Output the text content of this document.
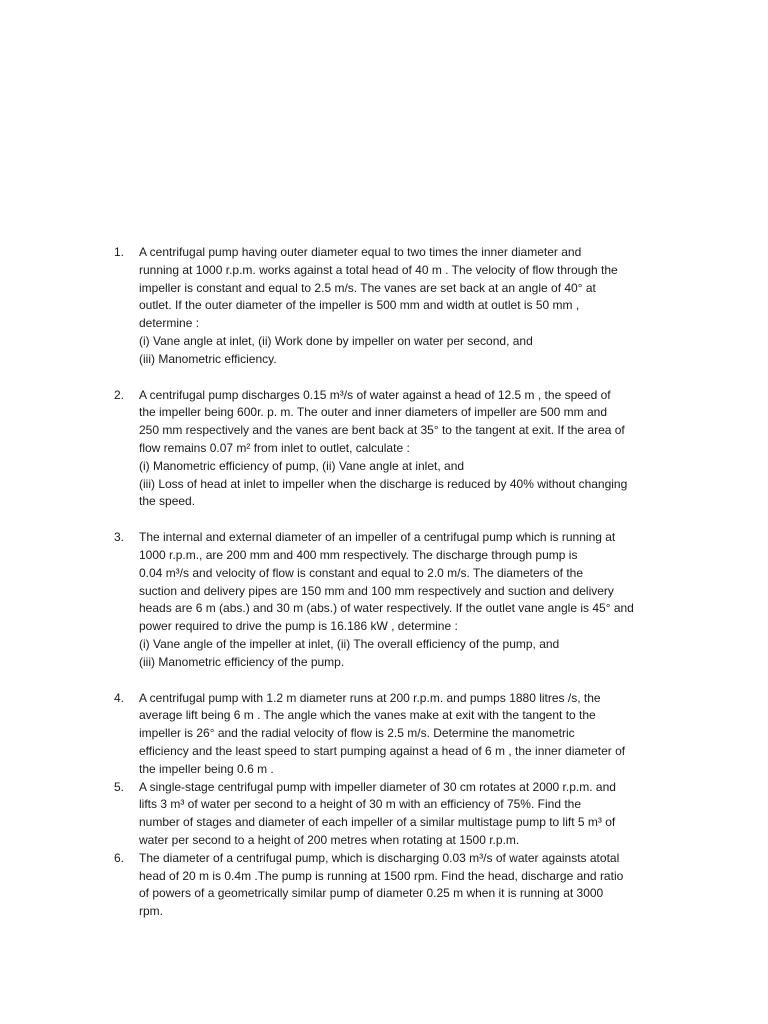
1.	A centrifugal pump having outer diameter equal to two times the inner diameter and
running at 1000 r.p.m. works against a total head of 40 m . The velocity of flow through the
impeller is constant and equal to 2.5 m/s. The vanes are set back at an angle of 40° at
outlet. If the outer diameter of the impeller is 500 mm and width at outlet is 50 mm ,
determine :
(i) Vane angle at inlet, (ii) Work done by impeller on water per second, and
(iii) Manometric efficiency.
2.	A centrifugal pump discharges 0.15 m³/s of water against a head of 12.5 m , the speed of
the impeller being 600r. p. m. The outer and inner diameters of impeller are 500 mm and
250 mm respectively and the vanes are bent back at 35° to the tangent at exit. If the area of
flow remains 0.07 m² from inlet to outlet, calculate :
(i) Manometric efficiency of pump, (ii) Vane angle at inlet, and
(iii) Loss of head at inlet to impeller when the discharge is reduced by 40% without changing
the speed.
3.	The internal and external diameter of an impeller of a centrifugal pump which is running at
1000 r.p.m., are 200 mm and 400 mm respectively. The discharge through pump is
0.04 m³/s and velocity of flow is constant and equal to 2.0 m/s. The diameters of the
suction and delivery pipes are 150 mm and 100 mm respectively and suction and delivery
heads are 6 m (abs.) and 30 m (abs.) of water respectively. If the outlet vane angle is 45° and
power required to drive the pump is 16.186 kW , determine :
(i) Vane angle of the impeller at inlet, (ii) The overall efficiency of the pump, and
(iii) Manometric efficiency of the pump.
4.	A centrifugal pump with 1.2 m diameter runs at 200 r.p.m. and pumps 1880 litres /s, the
average lift being 6 m . The angle which the vanes make at exit with the tangent to the
impeller is 26° and the radial velocity of flow is 2.5 m/s. Determine the manometric
efficiency and the least speed to start pumping against a head of 6 m , the inner diameter of
the impeller being 0.6 m .
5.	A single-stage centrifugal pump with impeller diameter of 30 cm rotates at 2000 r.p.m. and
lifts 3 m³ of water per second to a height of 30 m with an efficiency of 75%. Find the
number of stages and diameter of each impeller of a similar multistage pump to lift 5 m³ of
water per second to a height of 200 metres when rotating at 1500 r.p.m.
6.	The diameter of a centrifugal pump, which is discharging 0.03 m³/s of water againsts atotal
head of 20 m is 0.4m .The pump is running at 1500 rpm. Find the head, discharge and ratio
of powers of a geometrically similar pump of diameter 0.25 m when it is running at 3000
rpm.
